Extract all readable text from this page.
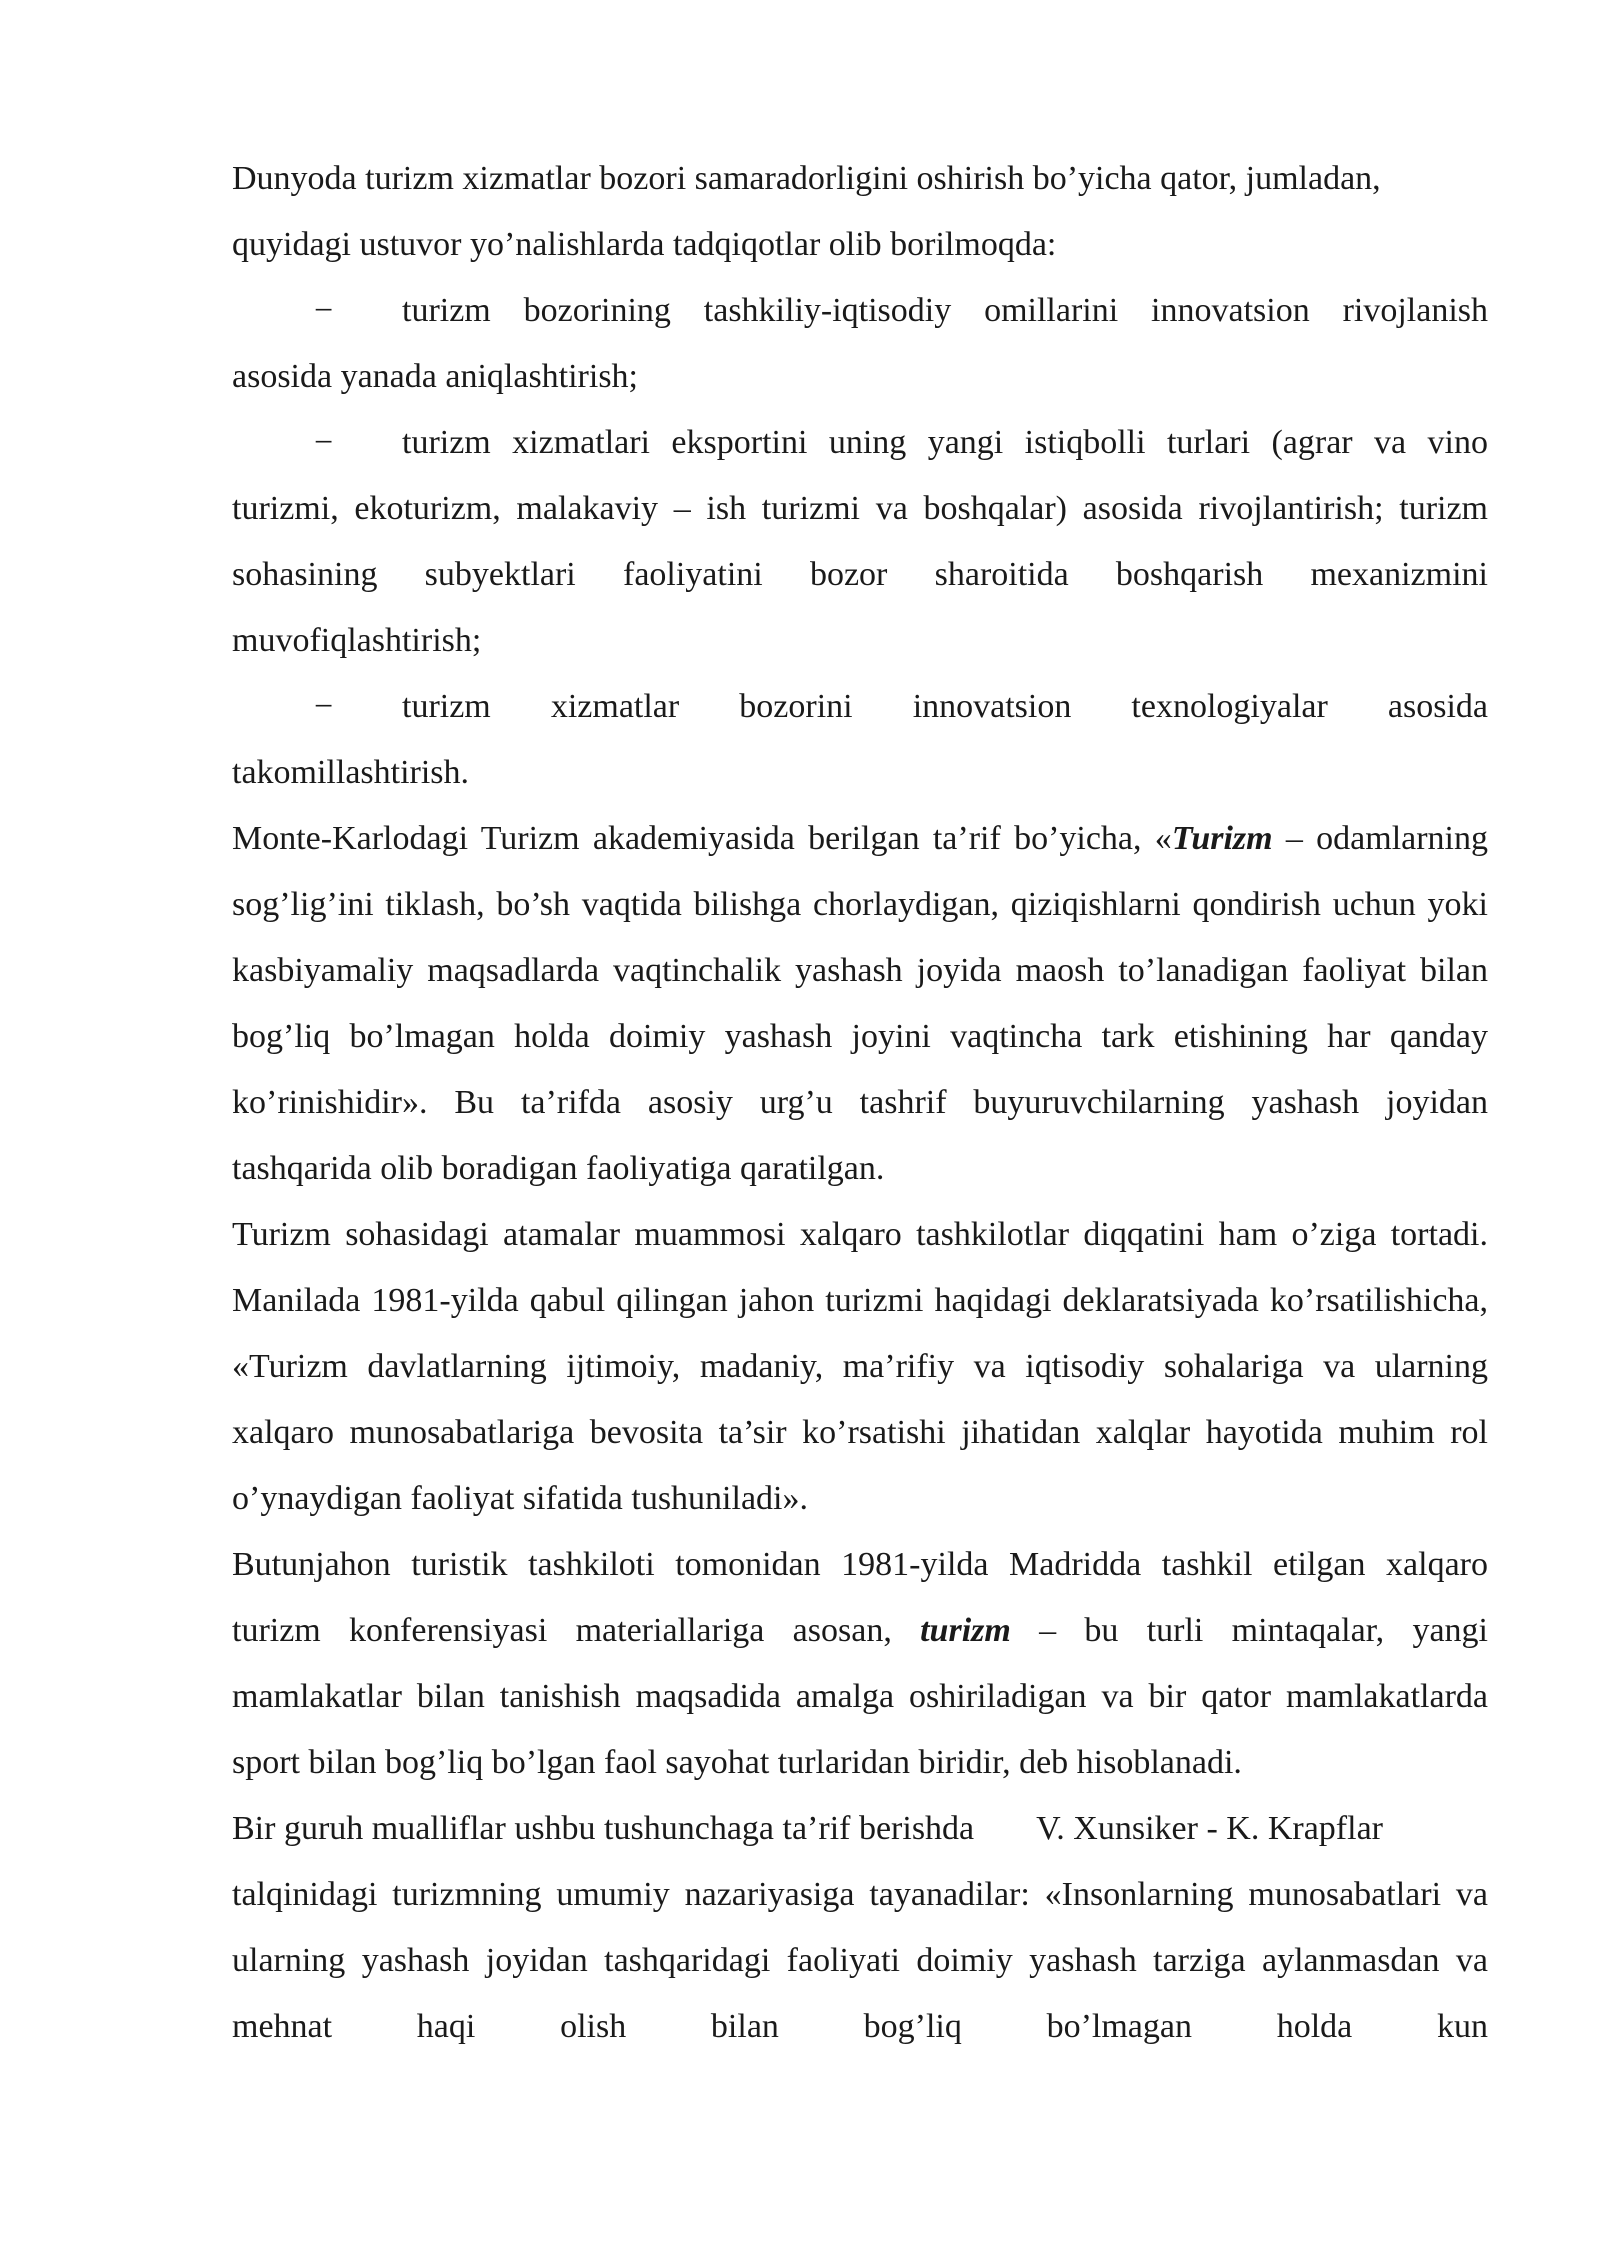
Dunyoda turizm xizmatlar bozori samaradorligini oshirish bo’yicha qator, jumladan,
quyidagi ustuvor yo’nalishlarda tadqiqotlar olib borilmoqda:

−	turizm bozorining tashkiliy-iqtisodiy omillarini innovatsion rivojlanish

asosida yanada aniqlashtirish;

−	turizm xizmatlari eksportini uning yangi istiqbolli turlari (agrar va vino

turizmi, ekoturizm, malakaviy – ish turizmi va boshqalar) asosida rivojlantirish; turizm sohasining subyektlari faoliyatini bozor sharoitida boshqarish mexanizmini muvofiqlashtirish;

−	turizm xizmatlar bozorini innovatsion texnologiyalar asosida

takomillashtirish.

Monte-Karlodagi Turizm akademiyasida berilgan ta’rif bo’yicha, «Turizm – odamlarning sog’lig’ini tiklash, bo’sh vaqtida bilishga chorlaydigan, qiziqishlarni qondirish uchun yoki kasbiyamaliy maqsadlarda vaqtinchalik yashash joyida maosh to’lanadigan faoliyat bilan bog’liq bo’lmagan holda doimiy yashash joyini vaqtincha tark etishining har qanday ko’rinishidir». Bu ta’rifda asosiy urg’u tashrif buyuruvchilarning yashash joyidan tashqarida olib boradigan faoliyatiga qaratilgan.

Turizm sohasidagi atamalar muammosi xalqaro tashkilotlar diqqatini ham o’ziga tortadi. Manilada 1981-yilda qabul qilingan jahon turizmi haqidagi deklaratsiyada ko’rsatilishicha, «Turizm davlatlarning ijtimoiy, madaniy, ma’rifiy va iqtisodiy sohalariga va ularning xalqaro munosabatlariga bevosita ta’sir ko’rsatishi jihatidan xalqlar hayotida muhim rol o’ynaydigan faoliyat sifatida tushuniladi».

Butunjahon turistik tashkiloti tomonidan 1981-yilda Madridda tashkil etilgan xalqaro turizm konferensiyasi materiallariga asosan, turizm – bu turli mintaqalar, yangi mamlakatlar bilan tanishish maqsadida amalga oshiriladigan va bir qator mamlakatlarda sport bilan bog’liq bo’lgan faol sayohat turlaridan biridir, deb hisoblanadi.

Bir guruh mualliflar ushbu tushunchaga ta’rif berishda V. Xunsiker - K. Krapflar

talqinidagi turizmning umumiy nazariyasiga tayanadilar: «Insonlarning munosabatlari va ularning yashash joyidan tashqaridagi faoliyati doimiy yashash tarziga aylanmasdan va mehnat haqi olish bilan bog’liq bo’lmagan holda kun
